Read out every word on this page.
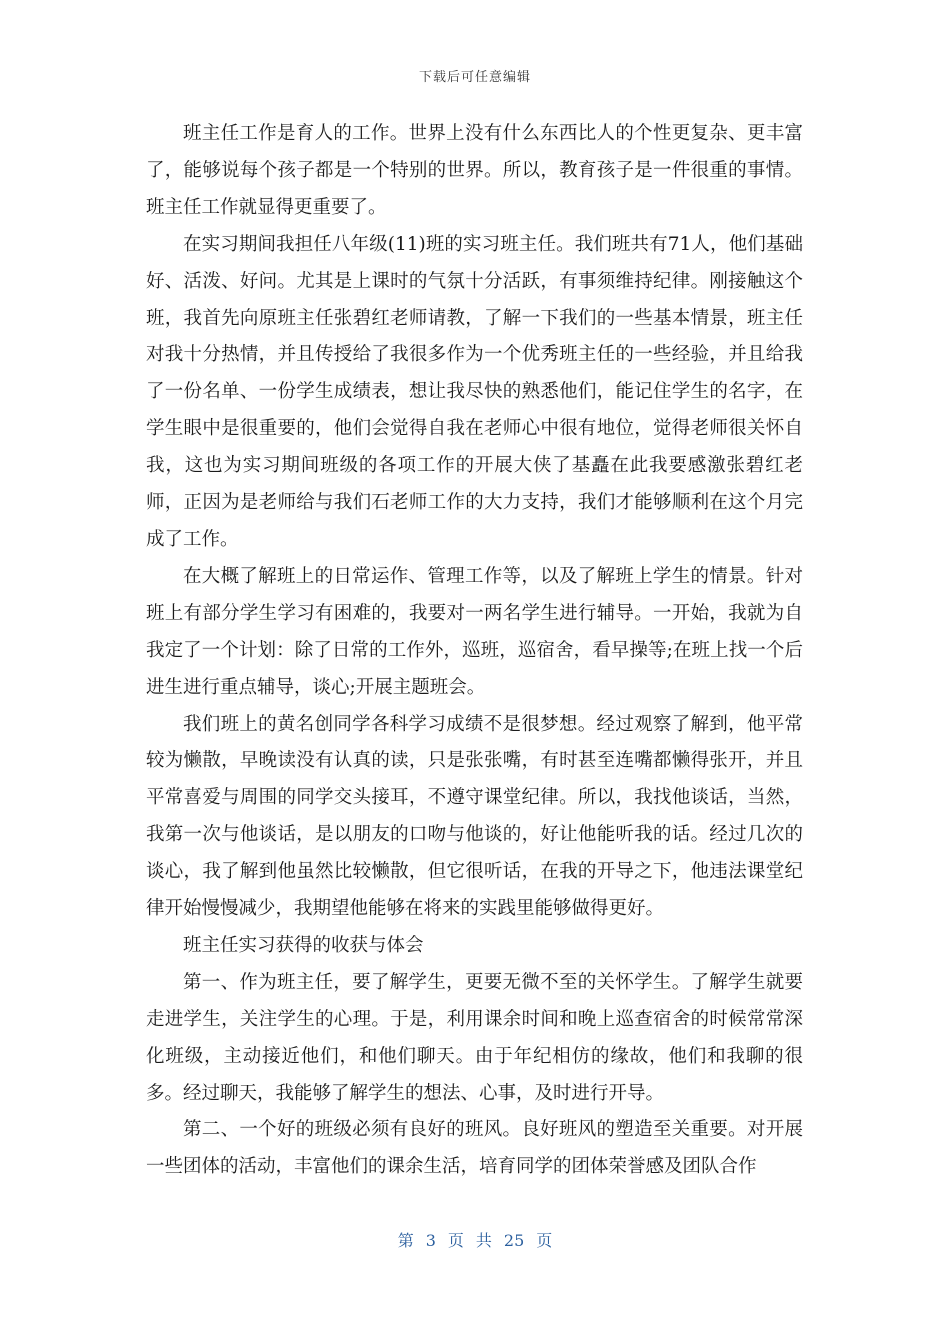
下载后可任意编辑

班主任工作是育人的工作。世界上没有什么东西比人的个性更复杂、更丰富了，能够说每个孩子都是一个特别的世界。所以，教育孩子是一件很重的事情。班主任工作就显得更重要了。

在实习期间我担任八年级(11)班的实习班主任。我们班共有71人，他们基础好、活泼、好问。尤其是上课时的气氛十分活跃，有事须维持纪律。刚接触这个班，我首先向原班主任张碧红老师请教，了解一下我们的一些基本情景，班主任对我十分热情，并且传授给了我很多作为一个优秀班主任的一些经验，并且给我了一份名单、一份学生成绩表，想让我尽快的熟悉他们，能记住学生的名字，在学生眼中是很重要的，他们会觉得自我在老师心中很有地位，觉得老师很关怀自我，这也为实习期间班级的各项工作的开展大侠了基矗在此我要感激张碧红老师，正因为是老师给与我们石老师工作的大力支持，我们才能够顺利在这个月完成了工作。

在大概了解班上的日常运作、管理工作等，以及了解班上学生的情景。针对班上有部分学生学习有困难的，我要对一两名学生进行辅导。一开始，我就为自我定了一个计划：除了日常的工作外，巡班，巡宿舍，看早操等;在班上找一个后进生进行重点辅导，谈心;开展主题班会。

我们班上的黄名创同学各科学习成绩不是很梦想。经过观察了解到，他平常较为懒散，早晚读没有认真的读，只是张张嘴，有时甚至连嘴都懒得张开，并且平常喜爱与周围的同学交头接耳，不遵守课堂纪律。所以，我找他谈话，当然，我第一次与他谈话，是以朋友的口吻与他谈的，好让他能听我的话。经过几次的谈心，我了解到他虽然比较懒散，但它很听话，在我的开导之下，他违法课堂纪律开始慢慢减少，我期望他能够在将来的实践里能够做得更好。

班主任实习获得的收获与体会

第一、作为班主任，要了解学生，更要无微不至的关怀学生。了解学生就要走进学生，关注学生的心理。于是，利用课余时间和晚上巡查宿舍的时候常常深化班级，主动接近他们，和他们聊天。由于年纪相仿的缘故，他们和我聊的很多。经过聊天，我能够了解学生的想法、心事，及时进行开导。

第二、一个好的班级必须有良好的班风。良好班风的塑造至关重要。对开展一些团体的活动，丰富他们的课余生活，培育同学的团体荣誉感及团队合作

第 3 页 共 25 页
